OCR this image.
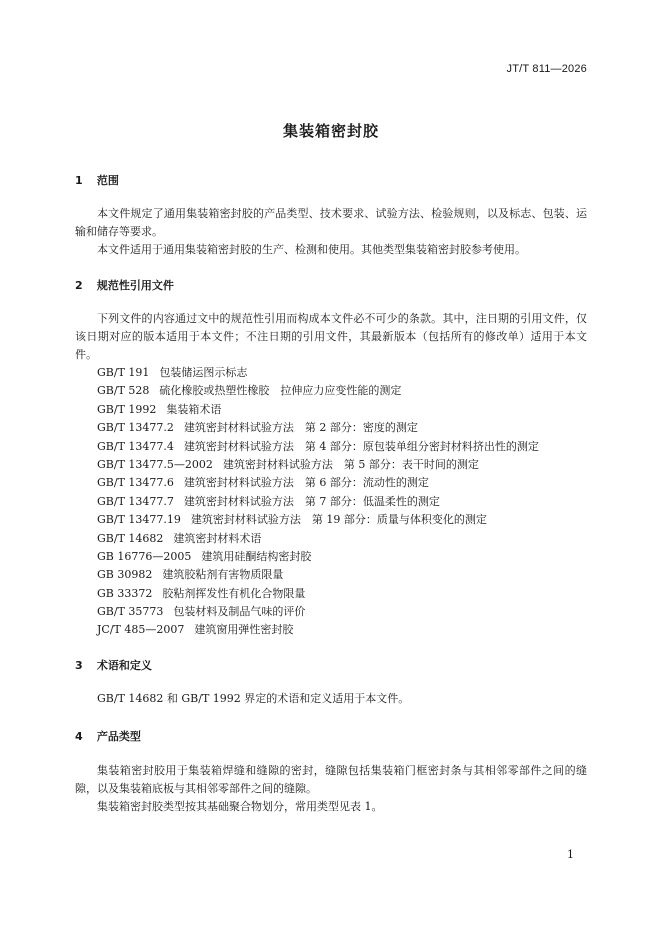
JT/T 811—2026
集装箱密封胶
1 范围

本文件规定了通用集装箱密封胶的产品类型、技术要求、试验方法、检验规则，以及标志、包装、运输和储存等要求。

本文件适用于通用集装箱密封胶的生产、检测和使用。其他类型集装箱密封胶参考使用。

2 规范性引用文件

下列文件的内容通过文中的规范性引用而构成本文件必不可少的条款。其中，注日期的引用文件，仅该日期对应的版本适用于本文件；不注日期的引用文件，其最新版本（包括所有的修改单）适用于本文件。

GB/T 191 包装储运图示标志
GB/T 528 硫化橡胶或热塑性橡胶　拉伸应力应变性能的测定
GB/T 1992 集装箱术语
GB/T 13477.2 建筑密封材料试验方法　第 2 部分：密度的测定
GB/T 13477.4 建筑密封材料试验方法　第 4 部分：原包装单组分密封材料挤出性的测定
GB/T 13477.5—2002 建筑密封材料试验方法　第 5 部分：表干时间的测定
GB/T 13477.6 建筑密封材料试验方法　第 6 部分：流动性的测定
GB/T 13477.7 建筑密封材料试验方法　第 7 部分：低温柔性的测定
GB/T 13477.19 建筑密封材料试验方法　第 19 部分：质量与体积变化的测定
GB/T 14682 建筑密封材料术语
GB 16776—2005 建筑用硅酮结构密封胶
GB 30982 建筑胶粘剂有害物质限量
GB 33372 胶粘剂挥发性有机化合物限量
GB/T 35773 包装材料及制品气味的评价
JC/T 485—2007 建筑窗用弹性密封胶
3 术语和定义

GB/T 14682 和 GB/T 1992 界定的术语和定义适用于本文件。

4 产品类型

集装箱密封胶用于集装箱焊缝和缝隙的密封，缝隙包括集装箱门框密封条与其相邻零部件之间的缝隙，以及集装箱底板与其相邻零部件之间的缝隙。

集装箱密封胶类型按其基础聚合物划分，常用类型见表 1。

1
